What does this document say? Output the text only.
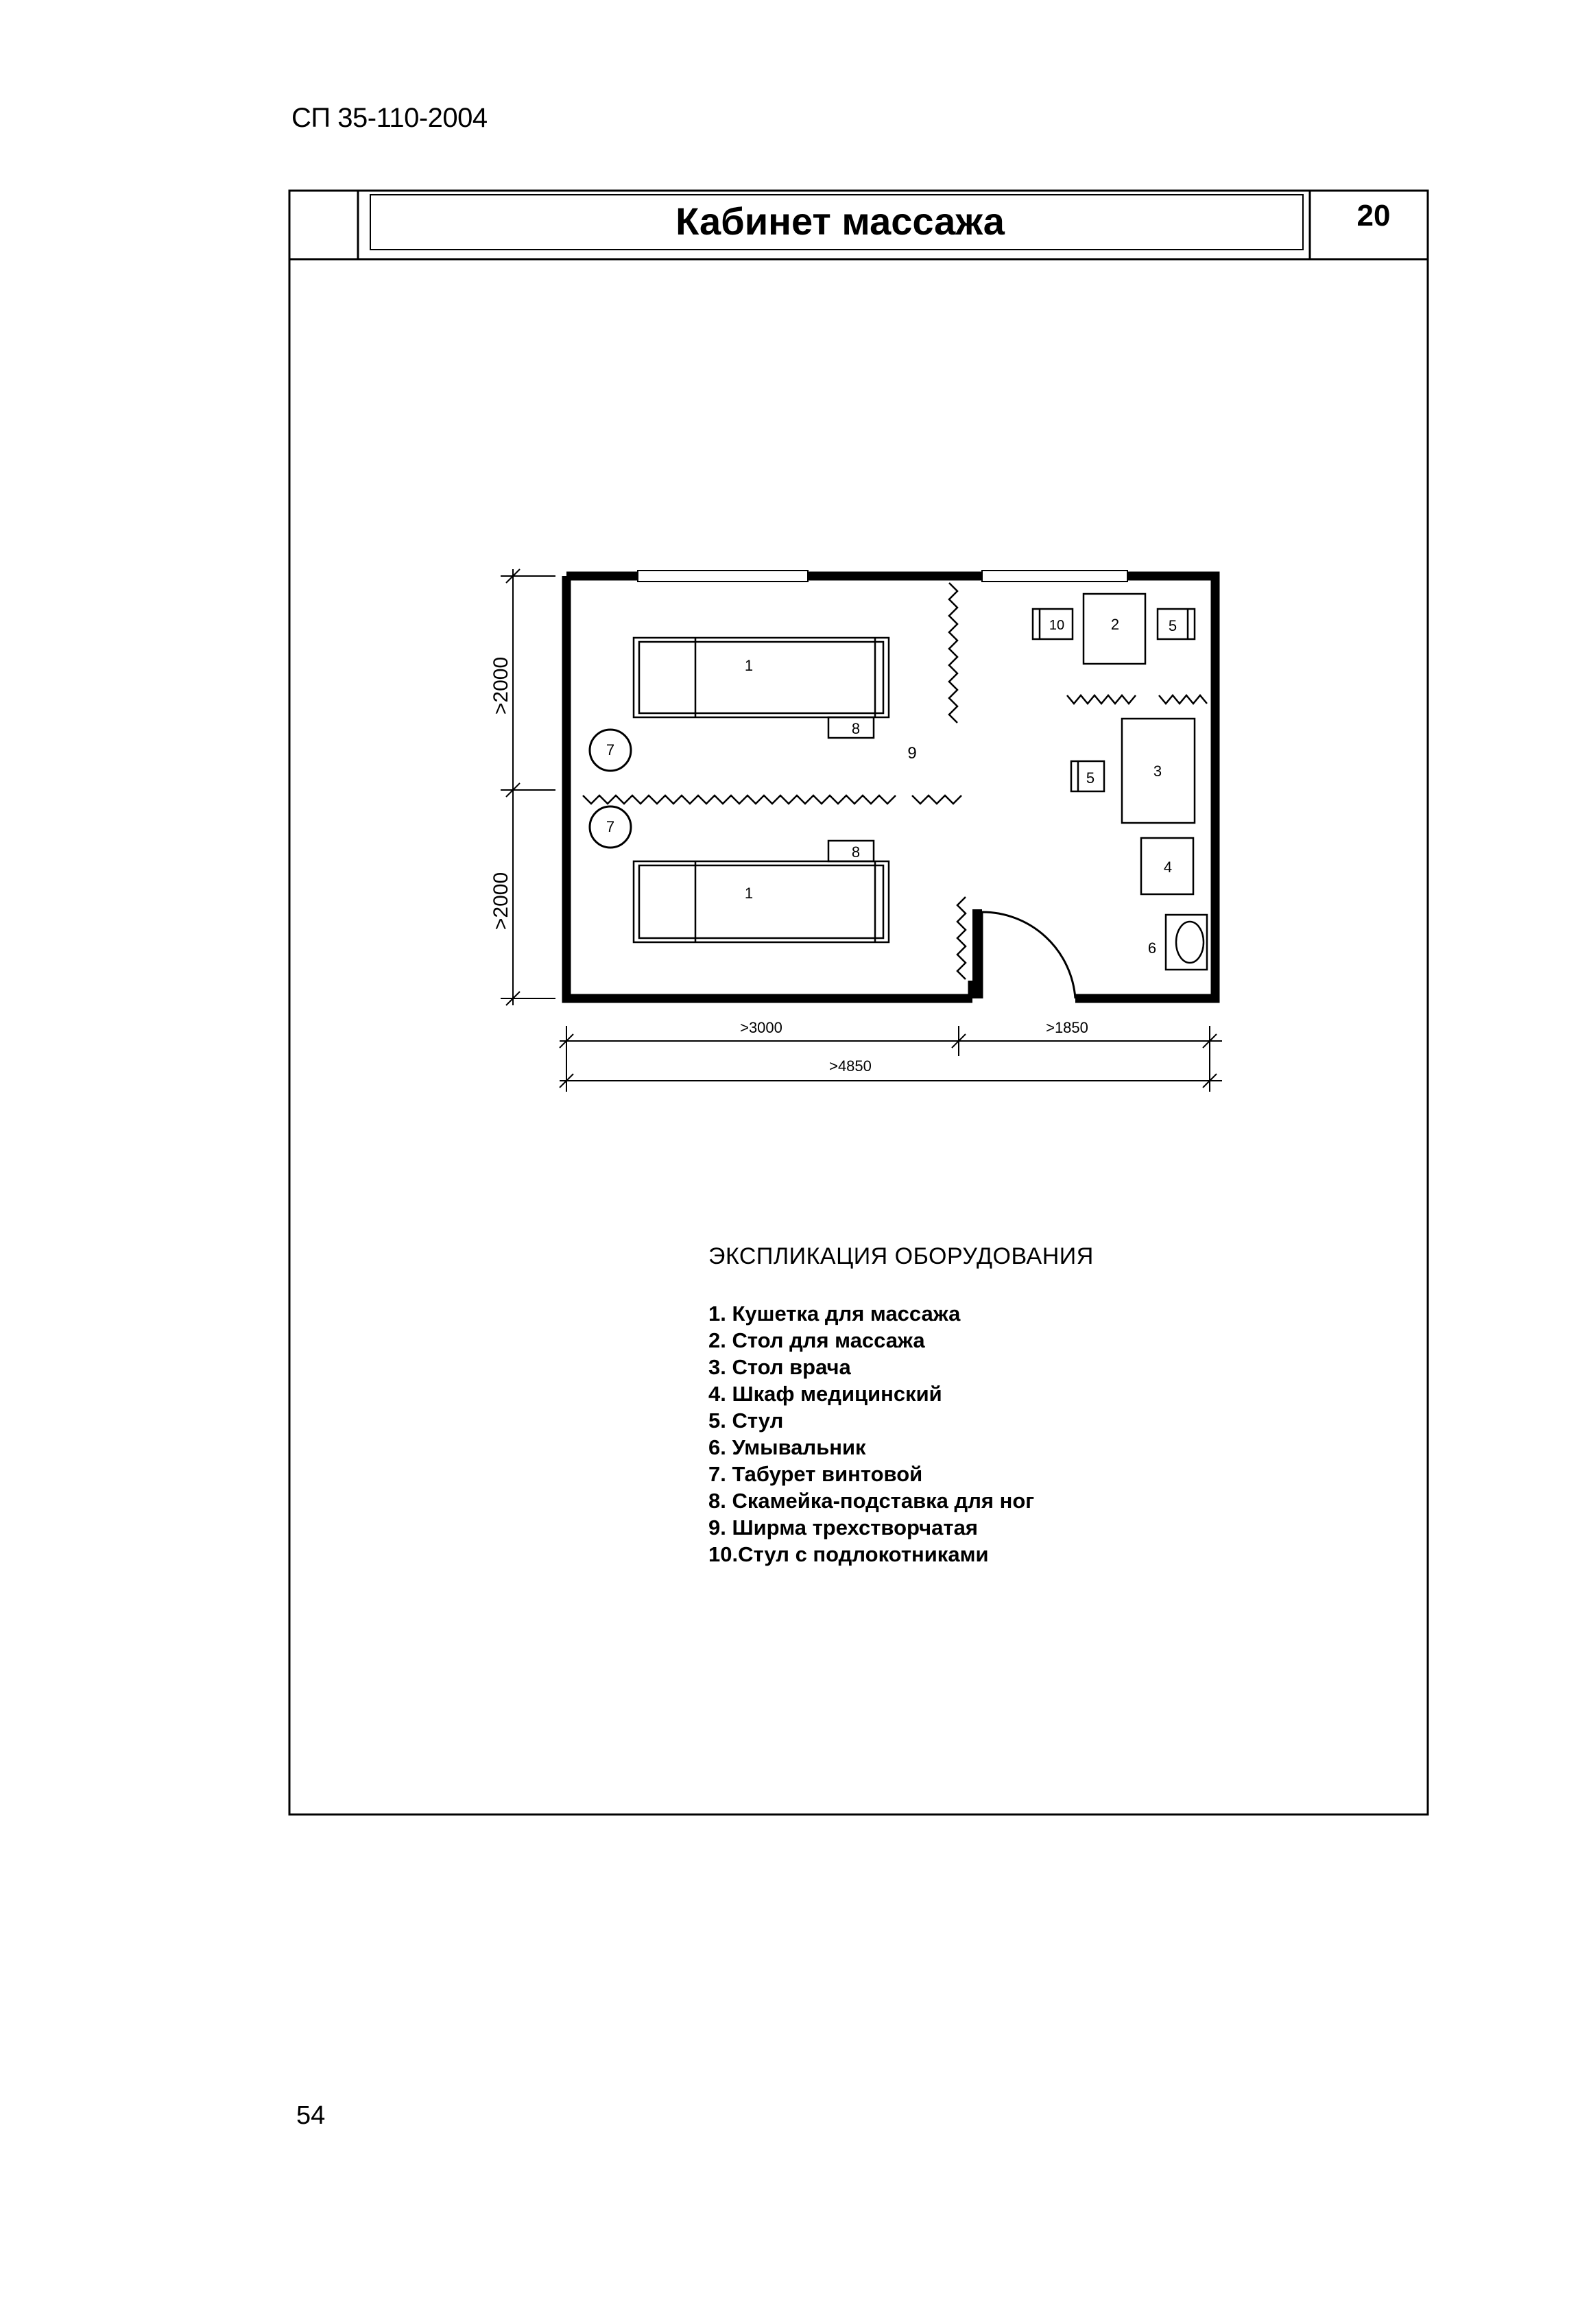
СП 35-110-2004
Кабинет массажа	20
1
1
8
8
7
7
9
10	2	5
3
5
4
6
>2000
>2000
>3000	>1850
>4850
ЭКСПЛИКАЦИЯ ОБОРУДОВАНИЯ
1. Кушетка для массажа
2. Стол для массажа
3. Стол врача
4. Шкаф медицинский
5. Стул
6. Умывальник
7. Табурет винтовой
8. Скамейка-подставка для ног
9. Ширма трехстворчатая
10.Стул с подлокотниками
54
